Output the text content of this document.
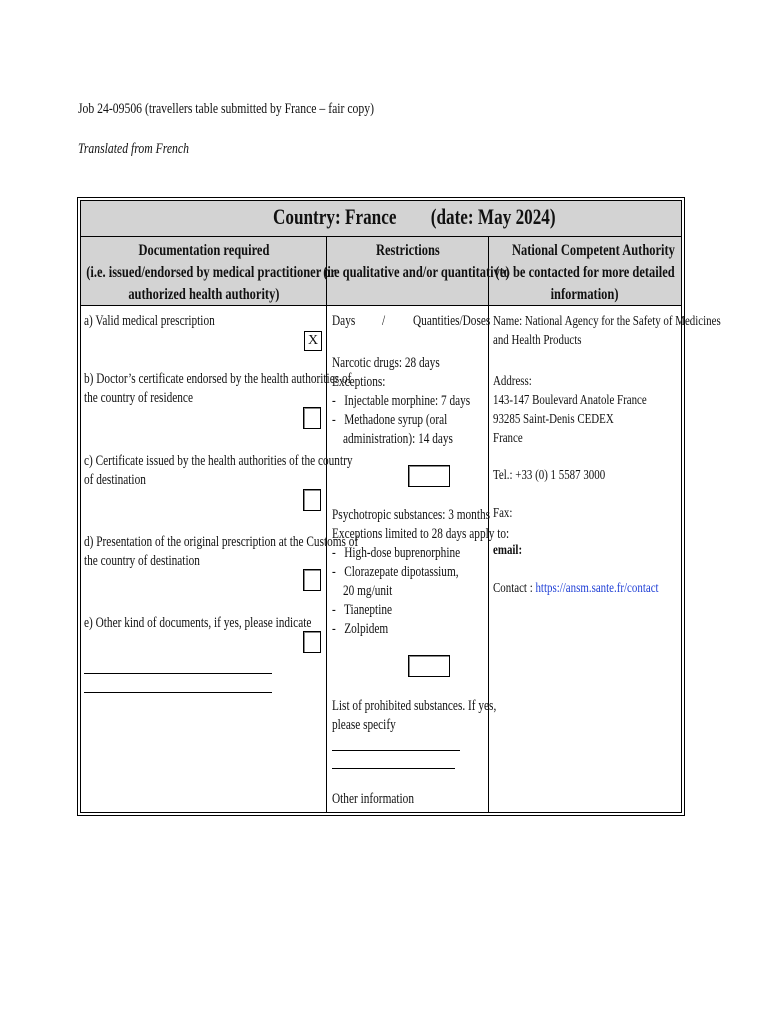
Job 24-09506 (travellers table submitted by France – fair copy)
Translated from French
Country: France        (date: May 2024)
Documentation required
(i.e. issued/endorsed by medical practitioner or
authorized health authority)
Restrictions
(i.e qualitative and/or quantitative)
National Competent Authority
(to be contacted for more detailed
information)
a) Valid medical prescription
X
b) Doctor’s certificate endorsed by the health authorities of
the country of residence
c) Certificate issued by the health authorities of the country
of destination
d) Presentation of the original prescription at the Customs of
the country of destination
e) Other kind of documents, if yes, please indicate
Days	/ Quantities/Doses
Narcotic drugs: 28 days
Exceptions:
-   Injectable morphine: 7 days
-   Methadone syrup (oral
administration): 14 days
Psychotropic substances: 3 months
Exceptions limited to 28 days apply to:
-   High-dose buprenorphine
-   Clorazepate dipotassium,
20 mg/unit
-   Tianeptine
-   Zolpidem
List of prohibited substances. If yes,
please specify
Other information
Name: National Agency for the Safety of Medicines
and Health Products
Address:
143-147 Boulevard Anatole France
93285 Saint-Denis CEDEX
France
Tel.: +33 (0) 1 5587 3000
Fax:
email:
Contact : https://ansm.sante.fr/contact
